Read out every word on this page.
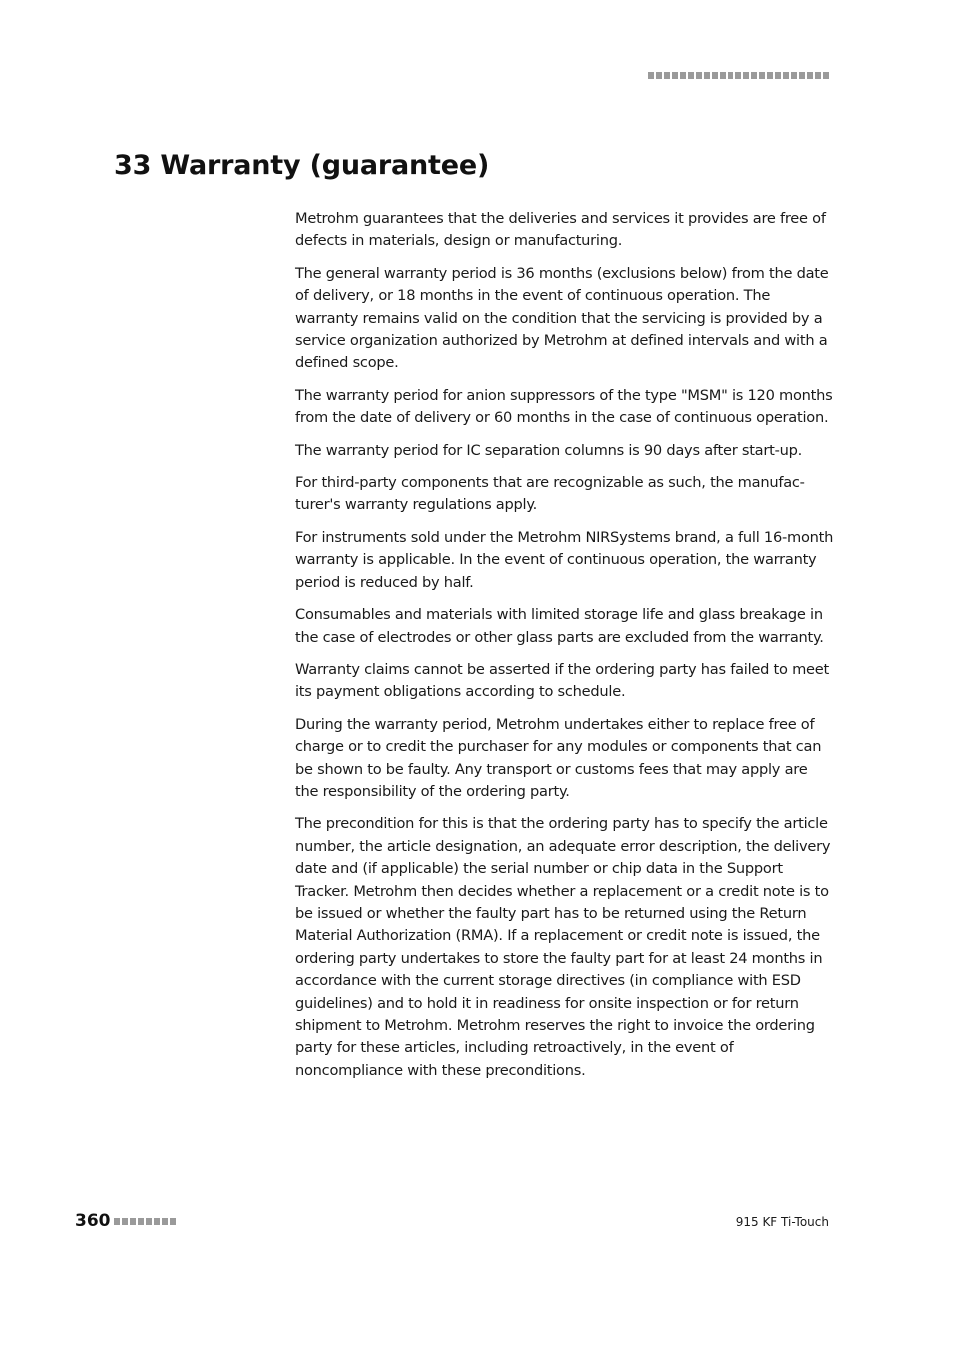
33 Warranty (guarantee)

Metrohm guarantees that the deliveries and services it provides are free of defects in materials, design or manufacturing.

The general warranty period is 36 months (exclusions below) from the date of delivery, or 18 months in the event of continuous operation. The warranty remains valid on the condition that the servicing is provided by a service organization authorized by Metrohm at defined intervals and with a defined scope.

The warranty period for anion suppressors of the type "MSM" is 120 months from the date of delivery or 60 months in the case of continuous operation.

The warranty period for IC separation columns is 90 days after start-up.

For third-party components that are recognizable as such, the manufacturer's warranty regulations apply.

For instruments sold under the Metrohm NIRSystems brand, a full 16-month warranty is applicable. In the event of continuous operation, the warranty period is reduced by half.

Consumables and materials with limited storage life and glass breakage in the case of electrodes or other glass parts are excluded from the warranty.

Warranty claims cannot be asserted if the ordering party has failed to meet its payment obligations according to schedule.

During the warranty period, Metrohm undertakes either to replace free of charge or to credit the purchaser for any modules or components that can be shown to be faulty. Any transport or customs fees that may apply are the responsibility of the ordering party.

The precondition for this is that the ordering party has to specify the article number, the article designation, an adequate error description, the delivery date and (if applicable) the serial number or chip data in the Support Tracker. Metrohm then decides whether a replacement or a credit note is to be issued or whether the faulty part has to be returned using the Return Material Authorization (RMA). If a replacement or credit note is issued, the ordering party undertakes to store the faulty part for at least 24 months in accordance with the current storage directives (in compliance with ESD guidelines) and to hold it in readiness for onsite inspection or for return shipment to Metrohm. Metrohm reserves the right to invoice the ordering party for these articles, including retroactively, in the event of noncompliance with these preconditions.

360	915 KF Ti-Touch
